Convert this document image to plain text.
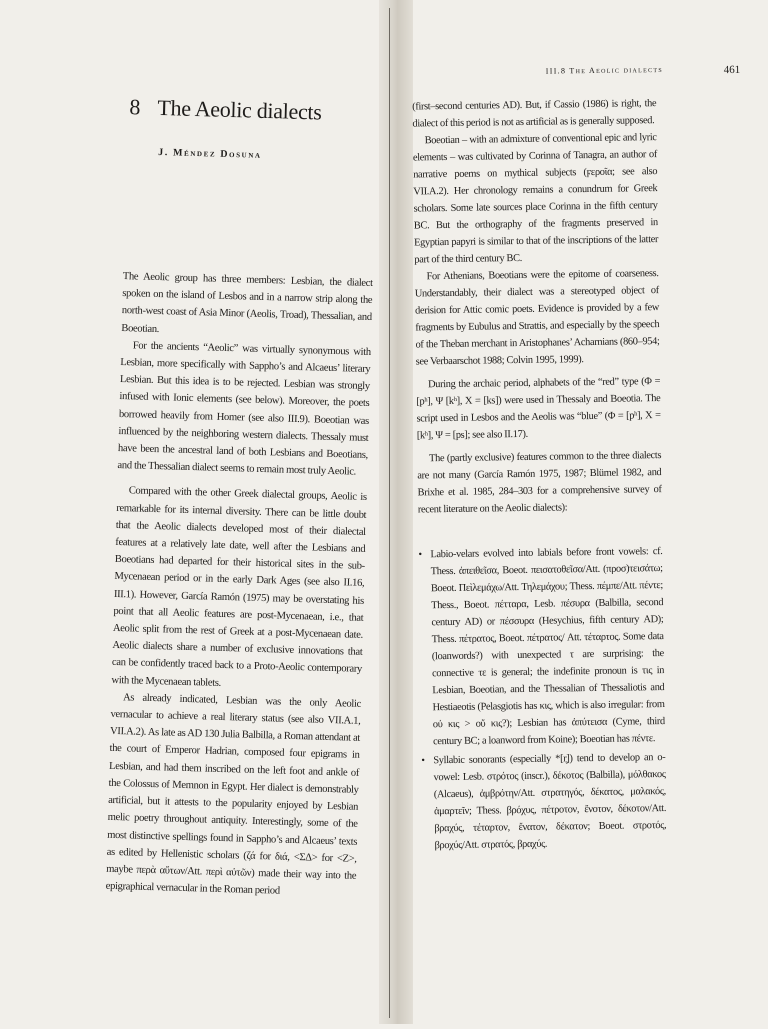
8 The Aeolic dialects
J. Méndez Dosuna

The Aeolic group has three members: Lesbian, the dialect spoken on the island of Lesbos and in a narrow strip along the north-west coast of Asia Minor (Aeolis, Troad), Thessalian, and Boeotian.

For the ancients “Aeolic” was virtually synonymous with Lesbian, more specifically with Sappho’s and Alcaeus’ literary Lesbian. But this idea is to be rejected. Lesbian was strongly infused with Ionic elements (see below). Moreover, the poets borrowed heavily from Homer (see also III.9). Boeotian was influenced by the neighboring western dialects. Thessaly must have been the ancestral land of both Lesbians and Boeotians, and the Thessalian dialect seems to remain most truly Aeolic.

Compared with the other Greek dialectal groups, Aeolic is remarkable for its internal diversity. There can be little doubt that the Aeolic dialects developed most of their dialectal features at a relatively late date, well after the Lesbians and Boeotians had departed for their historical sites in the sub-Mycenaean period or in the early Dark Ages (see also II.16, III.1). However, García Ramón (1975) may be overstating his point that all Aeolic features are post-Mycenaean, i.e., that Aeolic split from the rest of Greek at a post-Mycenaean date. Aeolic dialects share a number of exclusive innovations that can be confidently traced back to a Proto-Aeolic contemporary with the Mycenaean tablets.

As already indicated, Lesbian was the only Aeolic vernacular to achieve a real literary status (see also VII.A.1, VII.A.2). As late as AD 130 Julia Balbilla, a Roman attendant at the court of Emperor Hadrian, composed four epigrams in Lesbian, and had them inscribed on the left foot and ankle of the Colossus of Memnon in Egypt. Her dialect is demonstrably artificial, but it attests to the popularity enjoyed by Lesbian melic poetry throughout antiquity. Interestingly, some of the most distinctive spellings found in Sappho’s and Alcaeus’ texts as edited by Hellenistic scholars (ζά for διά, <ΣΔ> for <Ζ>, maybe περὰ αὔτων/Att. περὶ αὐτῶν) made their way into the epigraphical vernacular in the Roman period

III.8 The Aeolic dialects	461

(first–second centuries AD). But, if Cassio (1986) is right, the dialect of this period is not as artificial as is generally supposed.

Boeotian – with an admixture of conventional epic and lyric elements – was cultivated by Corinna of Tanagra, an author of narrative poems on mythical subjects (ϝεροῖα; see also VII.A.2). Her chronology remains a conundrum for Greek scholars. Some late sources place Corinna in the fifth century BC. But the orthography of the fragments preserved in Egyptian papyri is similar to that of the inscriptions of the latter part of the third century BC.

For Athenians, Boeotians were the epitome of coarseness. Understandably, their dialect was a stereotyped object of derision for Attic comic poets. Evidence is provided by a few fragments by Eubulus and Strattis, and especially by the speech of the Theban merchant in Aristophanes’ Acharnians (860–954; see Verbaarschot 1988; Colvin 1995, 1999).

During the archaic period, alphabets of the “red” type (Φ = [pʰ], Ψ [kʰ], X = [ks]) were used in Thessaly and Boeotia. The script used in Lesbos and the Aeolis was “blue” (Φ = [pʰ], X = [kʰ], Ψ = [ps]; see also II.17).

The (partly exclusive) features common to the three dialects are not many (García Ramón 1975, 1987; Blümel 1982, and Brixhe et al. 1985, 284–303 for a comprehensive survey of recent literature on the Aeolic dialects):

• Labio-velars evolved into labials before front vowels: cf. Thess. ἀπειθεῖσα, Boeot. πεισατοθεῖσα/Att. (προσ)τεισάτω; Boeot. Πεὶλεμάχω/Att. Τηλεμάχου; Thess. πέμπε/Att. πέντε; Thess., Boeot. πέτταρα, Lesb. πέσυρα (Balbilla, second century AD) or πέσσυρα (Hesychius, fifth century AD); Thess. πέτρατος, Boeot. πέτρατος/ Att. τέταρτος. Some data (loanwords?) with unexpected τ are surprising: the connective τε is general; the indefinite pronoun is τις in Lesbian, Boeotian, and the Thessalian of Thessaliotis and Hestiaeotis (Pelasgiotis has κις, which is also irregular: from οὐ κις > οὔ κις?); Lesbian has ἀπύτεισα (Cyme, third century BC; a loanword from Koine); Boeotian has πέντε.
• Syllabic sonorants (especially *[r̥]) tend to develop an o-vowel: Lesb. στρότος (inscr.), δέκοτος (Balbilla), μόλθακος (Alcaeus), ἀμβρότην/Att. στρατηγός, δέκατος, μαλακός, ἁμαρτεῖν; Thess. βρόχυς, πέτροτον, ἔνοτον, δέκοτον/Att. βραχύς, τέταρτον, ἔνατον, δέκατον; Boeot. στροτός, βροχύς/Att. στρατός, βραχύς.
